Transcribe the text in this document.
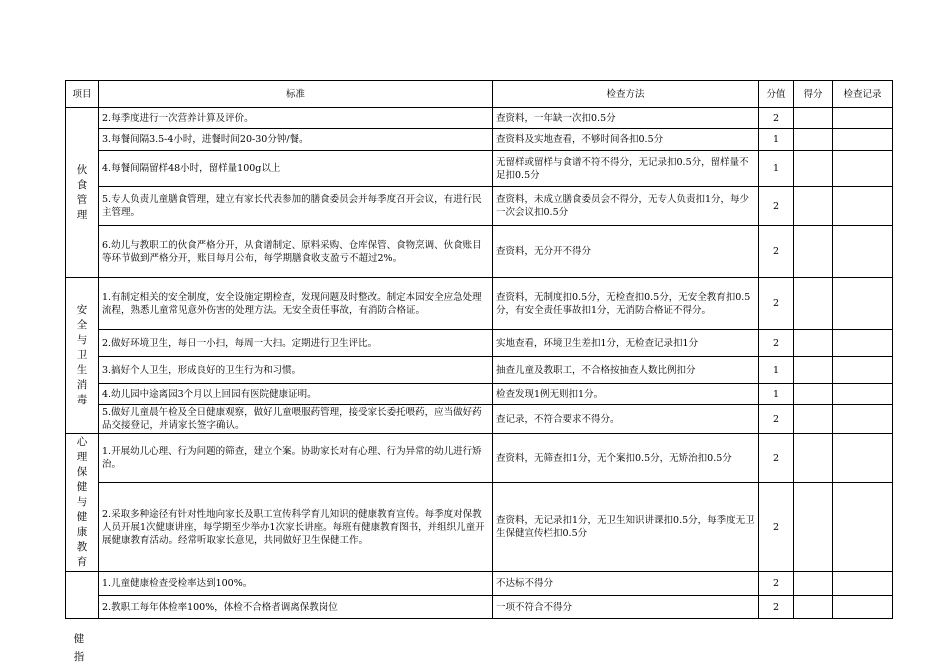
项目	标准	检查方法	分值	得分	检查记录

伙食管理	2.每季度进行一次营养计算及评价。	查资料，一年缺一次扣0.5分	2		
	3.每餐间隔3.5-4小时，进餐时间20-30分钟/餐。	查资料及实地查看，不够时间各扣0.5分	1		
	4.每餐间隔留样48小时，留样量100g以上	无留样或留样与食谱不符不得分，无记录扣0.5分，留样量不足扣0.5分	1		
	5.专人负责儿童膳食管理，建立有家长代表参加的膳食委员会并每季度召开会议，有进行民主管理。	查资料，未成立膳食委员会不得分，无专人负责扣1分，每少一次会议扣0.5分	2		
	6.幼儿与教职工的伙食严格分开，从食谱制定、原料采购、仓库保管、食物烹调、伙食账目等环节做到严格分开，账目每月公布，每学期膳食收支盈亏不超过2%。	查资料，无分开不得分	2		

安全与卫生消毒	1.有制定相关的安全制度，安全设施定期检查，发现问题及时整改。制定本园安全应急处理流程，熟悉儿童常见意外伤害的处理方法。无安全责任事故，有消防合格证。	查资料，无制度扣0.5分，无检查扣0.5分，无安全教育扣0.5分，有安全责任事故扣1分，无消防合格证不得分。	2		
	2.做好环境卫生，每日一小扫，每周一大扫。定期进行卫生评比。	实地查看，环境卫生差扣1分，无检查记录扣1分	2		
	3.搞好个人卫生，形成良好的卫生行为和习惯。	抽查儿童及教职工，不合格按抽查人数比例扣分	1		
	4.幼儿园中途离园3个月以上回园有医院健康证明。	检查发现1例无则扣1分。	1		
	5.做好儿童晨午检及全日健康观察，做好儿童喂服药管理，接受家长委托喂药，应当做好药品交接登记，并请家长签字确认。	查记录，不符合要求不得分。	2		

心理保健与健康教育	1.开展幼儿心理、行为问题的筛查，建立个案。协助家长对有心理、行为异常的幼儿进行矫治。	查资料，无筛查扣1分，无个案扣0.5分，无矫治扣0.5分	2		
	2.采取多种途径有针对性地向家长及职工宣传科学育儿知识的健康教育宣传。每季度对保教人员开展1次健康讲座，每学期至少举办1次家长讲座。每班有健康教育图书，并组织儿童开展健康教育活动。经常听取家长意见，共同做好卫生保健工作。	查资料，无记录扣1分，无卫生知识讲课扣0.5分，每季度无卫生保健宣传栏扣0.5分	2		
	1.儿童健康检查受检率达到100%。	不达标不得分	2		
	2.教职工每年体检率100%，体检不合格者调离保教岗位	一项不符合不得分	2		
健指
